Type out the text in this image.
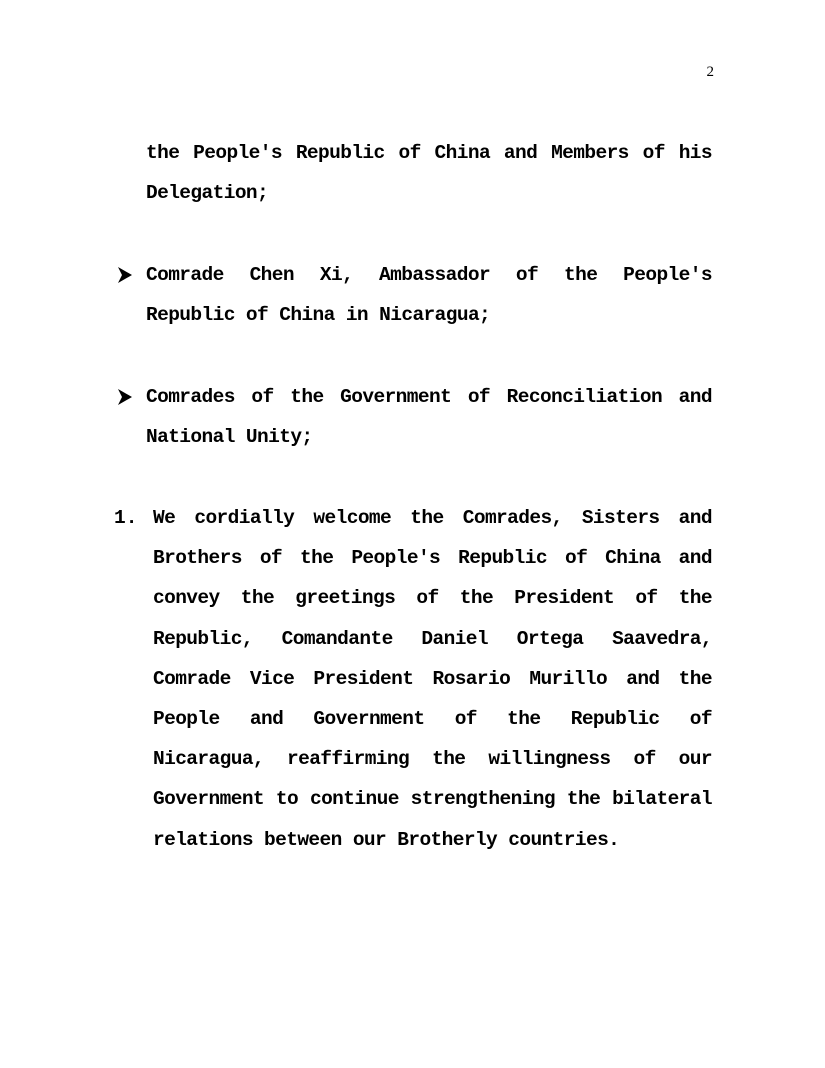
2
the People's Republic of China and Members of his Delegation;
Comrade Chen Xi, Ambassador of the People's Republic of China in Nicaragua;
Comrades of the Government of Reconciliation and National Unity;
1. We cordially welcome the Comrades, Sisters and Brothers of the People's Republic of China and convey the greetings of the President of the Republic, Comandante Daniel Ortega Saavedra, Comrade Vice President Rosario Murillo and the People and Government of the Republic of Nicaragua, reaffirming the willingness of our Government to continue strengthening the bilateral relations between our Brotherly countries.
